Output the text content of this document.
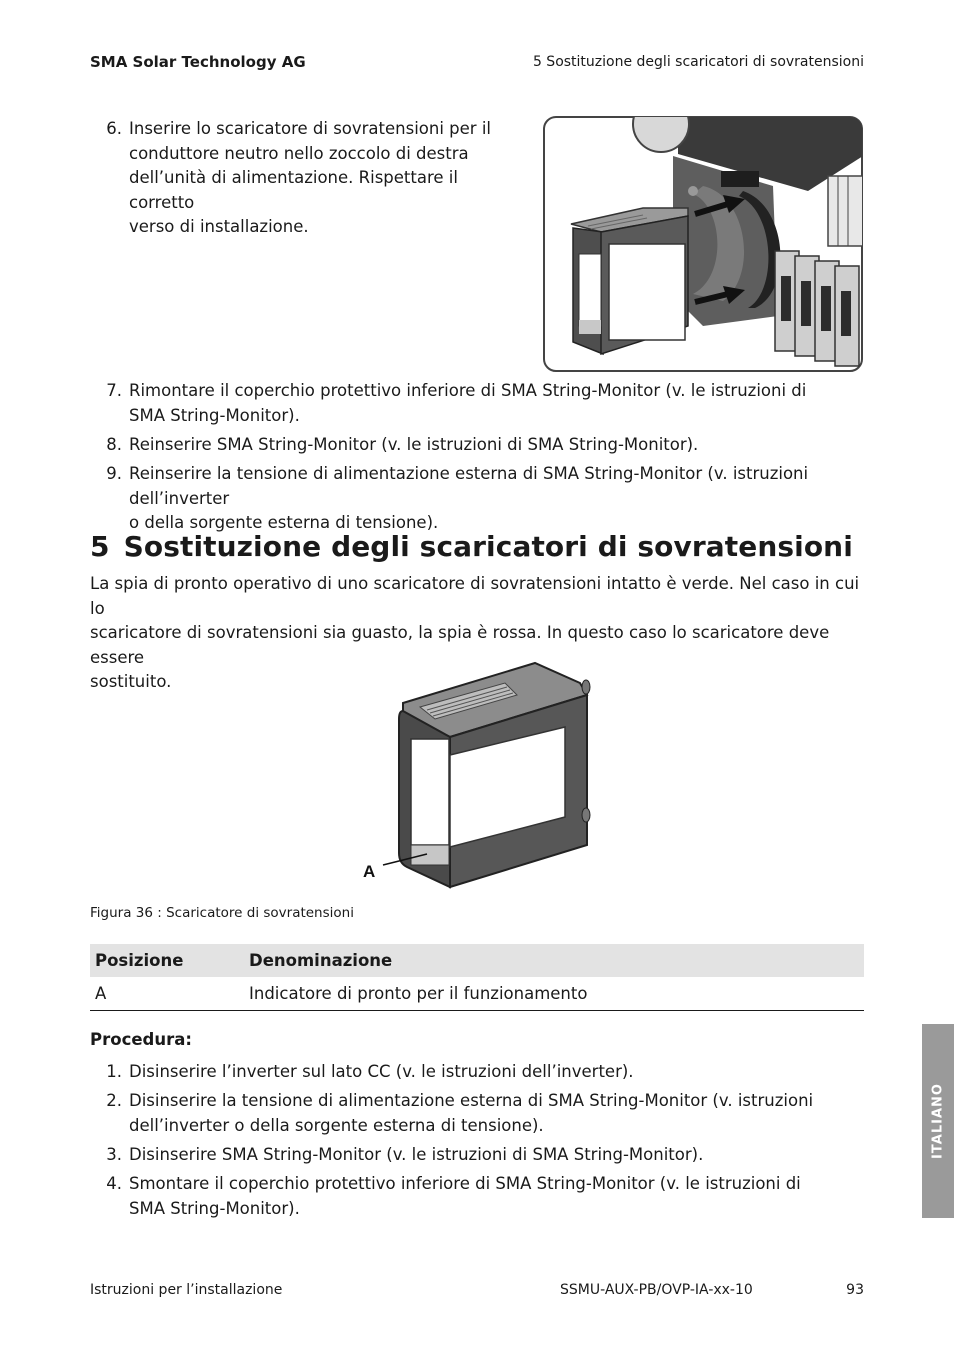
SMA Solar Technology AG	5 Sostituzione degli scaricatori di sovratensioni
6. Inserire lo scaricatore di sovratensioni per il
conduttore neutro nello zoccolo di destra
dell’unità di alimentazione. Rispettare il corretto
verso di installazione.
7. Rimontare il coperchio protettivo inferiore di SMA String-Monitor (v. le istruzioni di
SMA String-Monitor).
8. Reinserire SMA String-Monitor (v. le istruzioni di SMA String-Monitor).
9. Reinserire la tensione di alimentazione esterna di SMA String-Monitor (v. istruzioni dell’inverter
o della sorgente esterna di tensione).
5 Sostituzione degli scaricatori di sovratensioni
La spia di pronto operativo di uno scaricatore di sovratensioni intatto è verde. Nel caso in cui lo
scaricatore di sovratensioni sia guasto, la spia è rossa. In questo caso lo scaricatore deve essere
sostituito.
A
Figura 36 : Scaricatore di sovratensioni
Posizione	Denominazione
A	Indicatore di pronto per il funzionamento
Procedura:
1. Disinserire l’inverter sul lato CC (v. le istruzioni dell’inverter).
2. Disinserire la tensione di alimentazione esterna di SMA String-Monitor (v. istruzioni
dell’inverter o della sorgente esterna di tensione).
3. Disinserire SMA String-Monitor (v. le istruzioni di SMA String-Monitor).
4. Smontare il coperchio protettivo inferiore di SMA String-Monitor (v. le istruzioni di
SMA String-Monitor).
ITALIANO
Istruzioni per l’installazione	SSMU-AUX-PB/OVP-IA-xx-10	93
